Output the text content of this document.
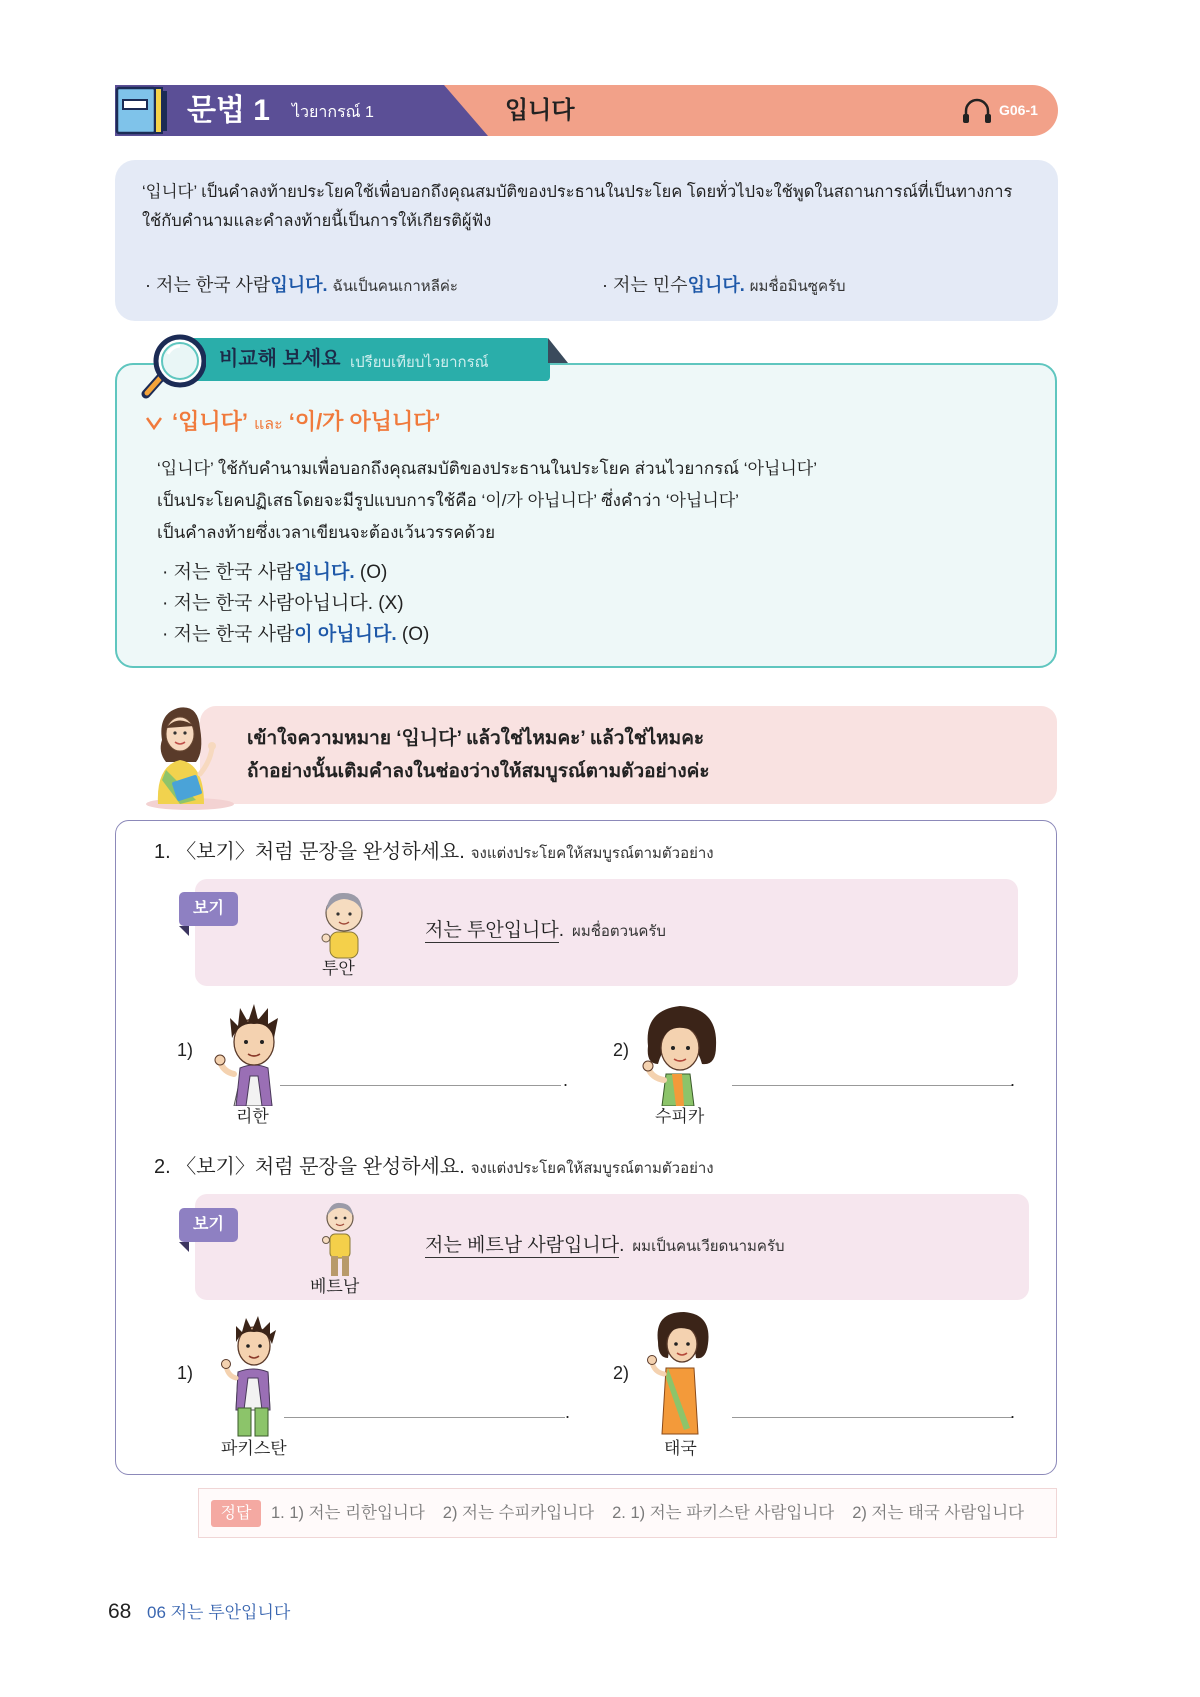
문법 1 ไวยากรณ์ 1	입니다	G06-1
‘입니다’ เป็นคำลงท้ายประโยคใช้เพื่อบอกถึงคุณสมบัติของประธานในประโยค โดยทั่วไปจะใช้พูดในสถานการณ์ที่เป็นทางการ
ใช้กับคำนามและคำลงท้ายนี้เป็นการให้เกียรติผู้ฟัง
· 저는 한국 사람입니다. ฉันเป็นคนเกาหลีค่ะ	· 저는 민수입니다. ผมชื่อมินซูครับ
비교해 보세요 เปรียบเทียบไวยากรณ์
‘입니다’ และ ‘이/가 아닙니다’
‘입니다’ ใช้กับคำนามเพื่อบอกถึงคุณสมบัติของประธานในประโยค ส่วนไวยากรณ์ ‘아닙니다’
เป็นประโยคปฏิเสธโดยจะมีรูปแบบการใช้คือ ‘이/가 아닙니다’ ซึ่งคำว่า ‘아닙니다’
เป็นคำลงท้ายซึ่งเวลาเขียนจะต้องเว้นวรรคด้วย
· 저는 한국 사람입니다. (O)
· 저는 한국 사람아닙니다. (X)
· 저는 한국 사람이 아닙니다. (O)
เข้าใจความหมาย ‘입니다’ แล้วใช่ไหมคะ’ แล้วใช่ไหมคะ
ถ้าอย่างนั้นเติมคำลงในช่องว่างให้สมบูรณ์ตามตัวอย่างค่ะ
1. 〈보기〉처럼 문장을 완성하세요. จงแต่งประโยคให้สมบูรณ์ตามตัวอย่าง
보기
투안
저는 투안입니다. ผมชื่อตวนครับ
1)
리한
.
2)
수피카
.
2. 〈보기〉처럼 문장을 완성하세요. จงแต่งประโยคให้สมบูรณ์ตามตัวอย่าง
보기
베트남
저는 베트남 사람입니다. ผมเป็นคนเวียดนามครับ
1)
파키스탄
.
2)
태국
.
정답	1. 1) 저는 리한입니다 2) 저는 수피카입니다 2. 1) 저는 파키스탄 사람입니다 2) 저는 태국 사람입니다
68 06 저는 투안입니다
